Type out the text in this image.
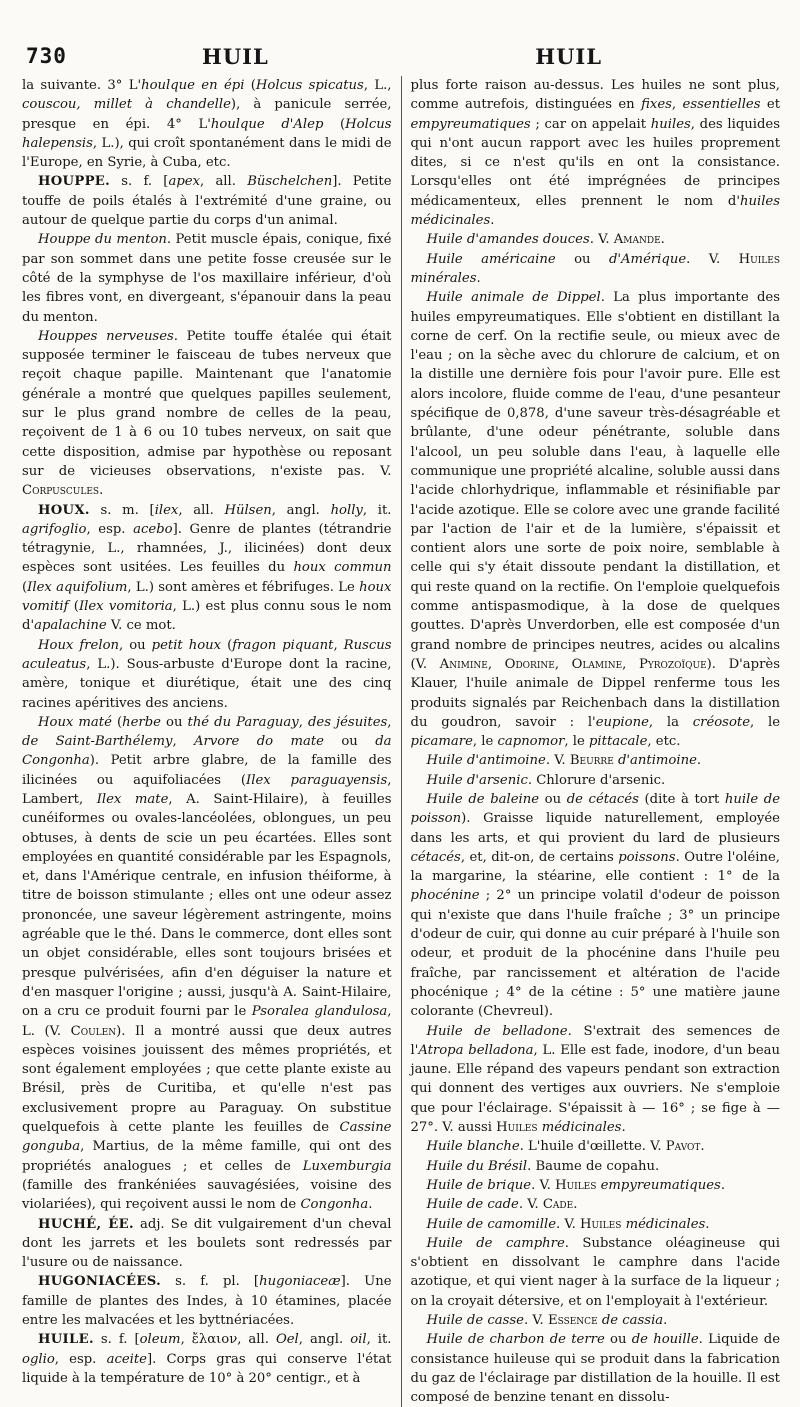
730	HUIL	HUIL

la suivante. 3° L'houlque en épi (Holcus spicatus, L., couscou, millet à chandelle), à panicule serrée, presque en épi. 4° L'houlque d'Alep (Holcus halepensis, L.), qui croît spontanément dans le midi de l'Europe, en Syrie, à Cuba, etc.

HOUPPE. s. f. [apex, all. Büschelchen]. Petite touffe de poils étalés à l'extrémité d'une graine, ou autour de quelque partie du corps d'un animal.

Houppe du menton. Petit muscle épais, conique, fixé par son sommet dans une petite fosse creusée sur le côté de la symphyse de l'os maxillaire inférieur, d'où les fibres vont, en divergeant, s'épanouir dans la peau du menton.

Houppes nerveuses. Petite touffe étalée qui était supposée terminer le faisceau de tubes nerveux que reçoit chaque papille. Maintenant que l'anatomie générale a montré que quelques papilles seulement, sur le plus grand nombre de celles de la peau, reçoivent de 1 à 6 ou 10 tubes nerveux, on sait que cette disposition, admise par hypothèse ou reposant sur de vicieuses observations, n'existe pas. V. Corpuscules.

HOUX. s. m. [ilex, all. Hülsen, angl. holly, it. agrifoglio, esp. acebo]. Genre de plantes (tétrandrie tétragynie, L., rhamnées, J., ilicinées) dont deux espèces sont usitées. Les feuilles du houx commun (Ilex aquifolium, L.) sont amères et fébrifuges. Le houx vomitif (Ilex vomitoria, L.) est plus connu sous le nom d'apalachine V. ce mot.

Houx frelon, ou petit houx (fragon piquant, Ruscus aculeatus, L.). Sous-arbuste d'Europe dont la racine, amère, tonique et diurétique, était une des cinq racines apéritives des anciens.

Houx maté (herbe ou thé du Paraguay, des jésuites, de Saint-Barthélemy, Arvore do mate ou da Congonha). Petit arbre glabre, de la famille des ilicinées ou aquifoliacées (Ilex paraguayensis, Lambert, Ilex mate, A. Saint-Hilaire), à feuilles cunéiformes ou ovales-lancéolées, oblongues, un peu obtuses, à dents de scie un peu écartées. Elles sont employées en quantité considérable par les Espagnols, et, dans l'Amérique centrale, en infusion théiforme, à titre de boisson stimulante ; elles ont une odeur assez prononcée, une saveur légèrement astringente, moins agréable que le thé. Dans le commerce, dont elles sont un objet considérable, elles sont toujours brisées et presque pulvérisées, afin d'en déguiser la nature et d'en masquer l'origine ; aussi, jusqu'à A. Saint-Hilaire, on a cru ce produit fourni par le Psoralea glandulosa, L. (V. Coulen). Il a montré aussi que deux autres espèces voisines jouissent des mêmes propriétés, et sont également employées ; que cette plante existe au Brésil, près de Curitiba, et qu'elle n'est pas exclusivement propre au Paraguay. On substitue quelquefois à cette plante les feuilles de Cassine gonguba, Martius, de la même famille, qui ont des propriétés analogues ; et celles de Luxemburgia (famille des frankéniées sauvagésiées, voisine des violariées), qui reçoivent aussi le nom de Congonha.

HUCHÉ, ÉE. adj. Se dit vulgairement d'un cheval dont les jarrets et les boulets sont redressés par l'usure ou de naissance.

HUGONIACÉES. s. f. pl. [hugoniaceæ]. Une famille de plantes des Indes, à 10 étamines, placée entre les malvacées et les byttnériacées.

HUILE. s. f. [oleum, ἔλαιον, all. Oel, angl. oil, it. oglio, esp. aceite]. Corps gras qui conserve l'état liquide à la température de 10° à 20° centigr., et à

plus forte raison au-dessus. Les huiles ne sont plus, comme autrefois, distinguées en fixes, essentielles et empyreumatiques ; car on appelait huiles, des liquides qui n'ont aucun rapport avec les huiles proprement dites, si ce n'est qu'ils en ont la consistance. Lorsqu'elles ont été imprégnées de principes médicamenteux, elles prennent le nom d'huiles médicinales.

Huile d'amandes douces. V. Amande.

Huile américaine ou d'Amérique. V. Huiles minérales.

Huile animale de Dippel. La plus importante des huiles empyreumatiques. Elle s'obtient en distillant la corne de cerf. On la rectifie seule, ou mieux avec de l'eau ; on la sèche avec du chlorure de calcium, et on la distille une dernière fois pour l'avoir pure. Elle est alors incolore, fluide comme de l'eau, d'une pesanteur spécifique de 0,878, d'une saveur très-désagréable et brûlante, d'une odeur pénétrante, soluble dans l'alcool, un peu soluble dans l'eau, à laquelle elle communique une propriété alcaline, soluble aussi dans l'acide chlorhydrique, inflammable et résinifiable par l'acide azotique. Elle se colore avec une grande facilité par l'action de l'air et de la lumière, s'épaissit et contient alors une sorte de poix noire, semblable à celle qui s'y était dissoute pendant la distillation, et qui reste quand on la rectifie. On l'emploie quelquefois comme antispasmodique, à la dose de quelques gouttes. D'après Unverdorben, elle est composée d'un grand nombre de principes neutres, acides ou alcalins (V. Animine, Odorine, Olamine, Pyrozoïque). D'après Klauer, l'huile animale de Dippel renferme tous les produits signalés par Reichenbach dans la distillation du goudron, savoir : l'eupione, la créosote, le picamare, le capnomor, le pittacale, etc.

Huile d'antimoine. V. Beurre d'antimoine.

Huile d'arsenic. Chlorure d'arsenic.

Huile de baleine ou de cétacés (dite à tort huile de poisson). Graisse liquide naturellement, employée dans les arts, et qui provient du lard de plusieurs cétacés, et, dit-on, de certains poissons. Outre l'oléine, la margarine, la stéarine, elle contient : 1° de la phocénine ; 2° un principe volatil d'odeur de poisson qui n'existe que dans l'huile fraîche ; 3° un principe d'odeur de cuir, qui donne au cuir préparé à l'huile son odeur, et produit de la phocénine dans l'huile peu fraîche, par rancissement et altération de l'acide phocénique ; 4° de la cétine : 5° une matière jaune colorante (Chevreul).

Huile de belladone. S'extrait des semences de l'Atropa belladona, L. Elle est fade, inodore, d'un beau jaune. Elle répand des vapeurs pendant son extraction qui donnent des vertiges aux ouvriers. Ne s'emploie que pour l'éclairage. S'épaissit à — 16° ; se fige à — 27°. V. aussi Huiles médicinales.

Huile blanche. L'huile d'œillette. V. Pavot.

Huile du Brésil. Baume de copahu.

Huile de brique. V. Huiles empyreumatiques.

Huile de cade. V. Cade.

Huile de camomille. V. Huiles médicinales.

Huile de camphre. Substance oléagineuse qui s'obtient en dissolvant le camphre dans l'acide azotique, et qui vient nager à la surface de la liqueur ; on la croyait détersive, et on l'employait à l'extérieur.

Huile de casse. V. Essence de cassia.

Huile de charbon de terre ou de houille. Liquide de consistance huileuse qui se produit dans la fabrication du gaz de l'éclairage par distillation de la houille. Il est composé de benzine tenant en dissolu-
